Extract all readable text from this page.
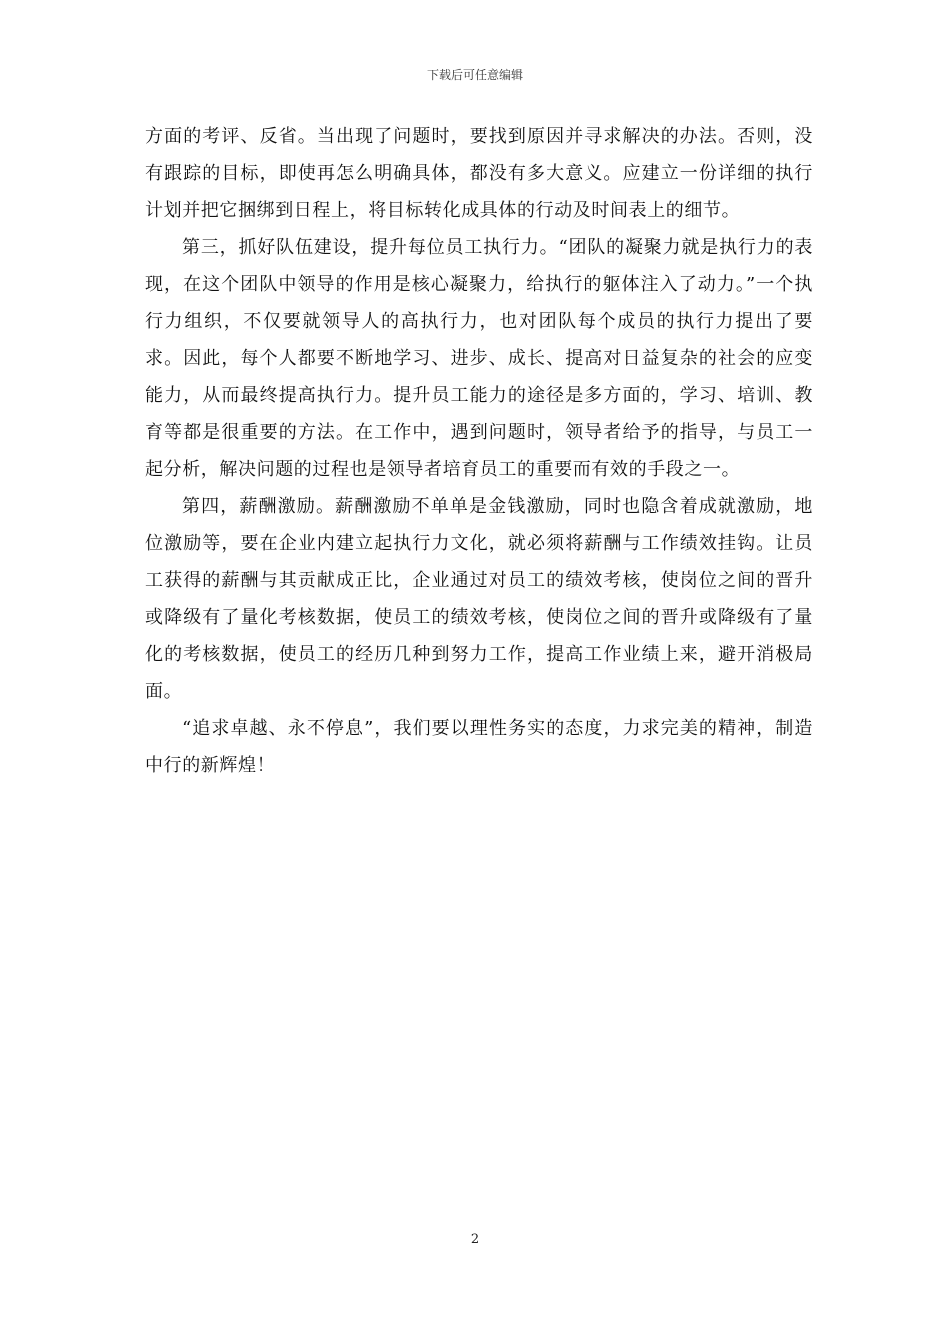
下载后可任意编辑

方面的考评、反省。当出现了问题时，要找到原因并寻求解决的办法。否则，没有跟踪的目标，即使再怎么明确具体，都没有多大意义。应建立一份详细的执行计划并把它捆绑到日程上，将目标转化成具体的行动及时间表上的细节。

第三，抓好队伍建设，提升每位员工执行力。“团队的凝聚力就是执行力的表现，在这个团队中领导的作用是核心凝聚力，给执行的躯体注入了动力。”一个执行力组织，不仅要就领导人的高执行力，也对团队每个成员的执行力提出了要求。因此，每个人都要不断地学习、进步、成长、提高对日益复杂的社会的应变能力，从而最终提高执行力。提升员工能力的途径是多方面的，学习、培训、教育等都是很重要的方法。在工作中，遇到问题时，领导者给予的指导，与员工一起分析，解决问题的过程也是领导者培育员工的重要而有效的手段之一。

第四，薪酬激励。薪酬激励不单单是金钱激励，同时也隐含着成就激励，地位激励等，要在企业内建立起执行力文化，就必须将薪酬与工作绩效挂钩。让员工获得的薪酬与其贡献成正比，企业通过对员工的绩效考核，使岗位之间的晋升或降级有了量化考核数据，使员工的绩效考核，使岗位之间的晋升或降级有了量化的考核数据，使员工的经历几种到努力工作，提高工作业绩上来，避开消极局面。

“追求卓越、永不停息”，我们要以理性务实的态度，力求完美的精神，制造中行的新辉煌！

2
